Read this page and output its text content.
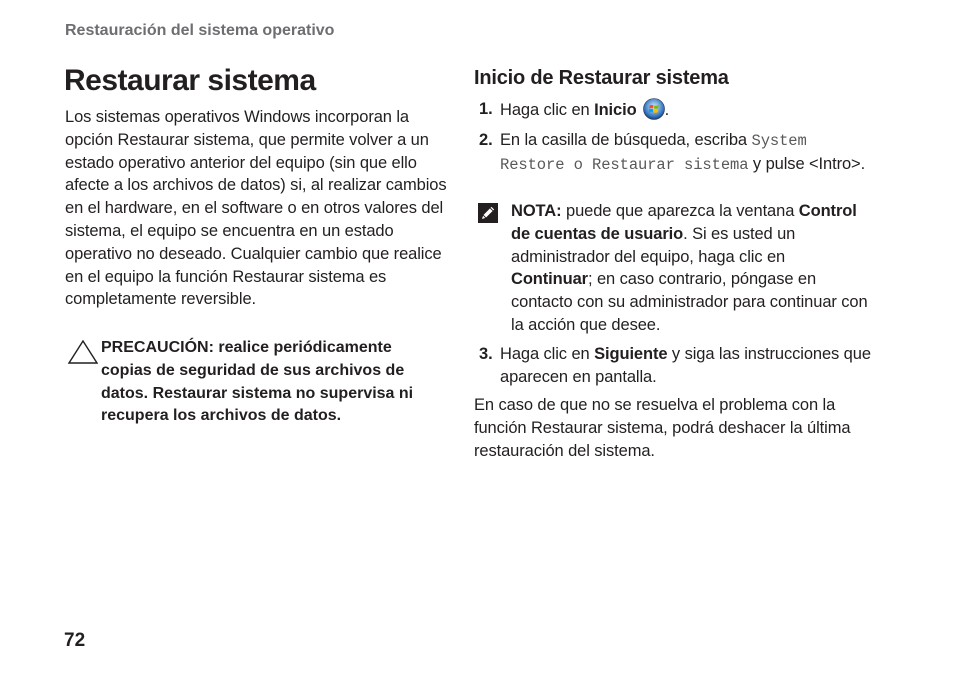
Restauración del sistema operativo
Restaurar sistema

Los sistemas operativos Windows incorporan la opción Restaurar sistema, que permite volver a un estado operativo anterior del equipo (sin que ello afecte a los archivos de datos) si, al realizar cambios en el hardware, en el software o en otros valores del sistema, el equipo se encuentra en un estado operativo no deseado. Cualquier cambio que realice en el equipo la función Restaurar sistema es completamente reversible.

PRECAUCIÓN: realice periódicamente copias de seguridad de sus archivos de datos. Restaurar sistema no supervisa ni recupera los archivos de datos.

Inicio de Restaurar sistema
1. Haga clic en Inicio .
2. En la casilla de búsqueda, escriba System Restore o Restaurar sistema y pulse <Intro>.

NOTA: puede que aparezca la ventana Control de cuentas de usuario. Si es usted un administrador del equipo, haga clic en Continuar; en caso contrario, póngase en contacto con su administrador para continuar con la acción que desee.

3. Haga clic en Siguiente y siga las instrucciones que aparecen en pantalla.

En caso de que no se resuelva el problema con la función Restaurar sistema, podrá deshacer la última restauración del sistema.

72
